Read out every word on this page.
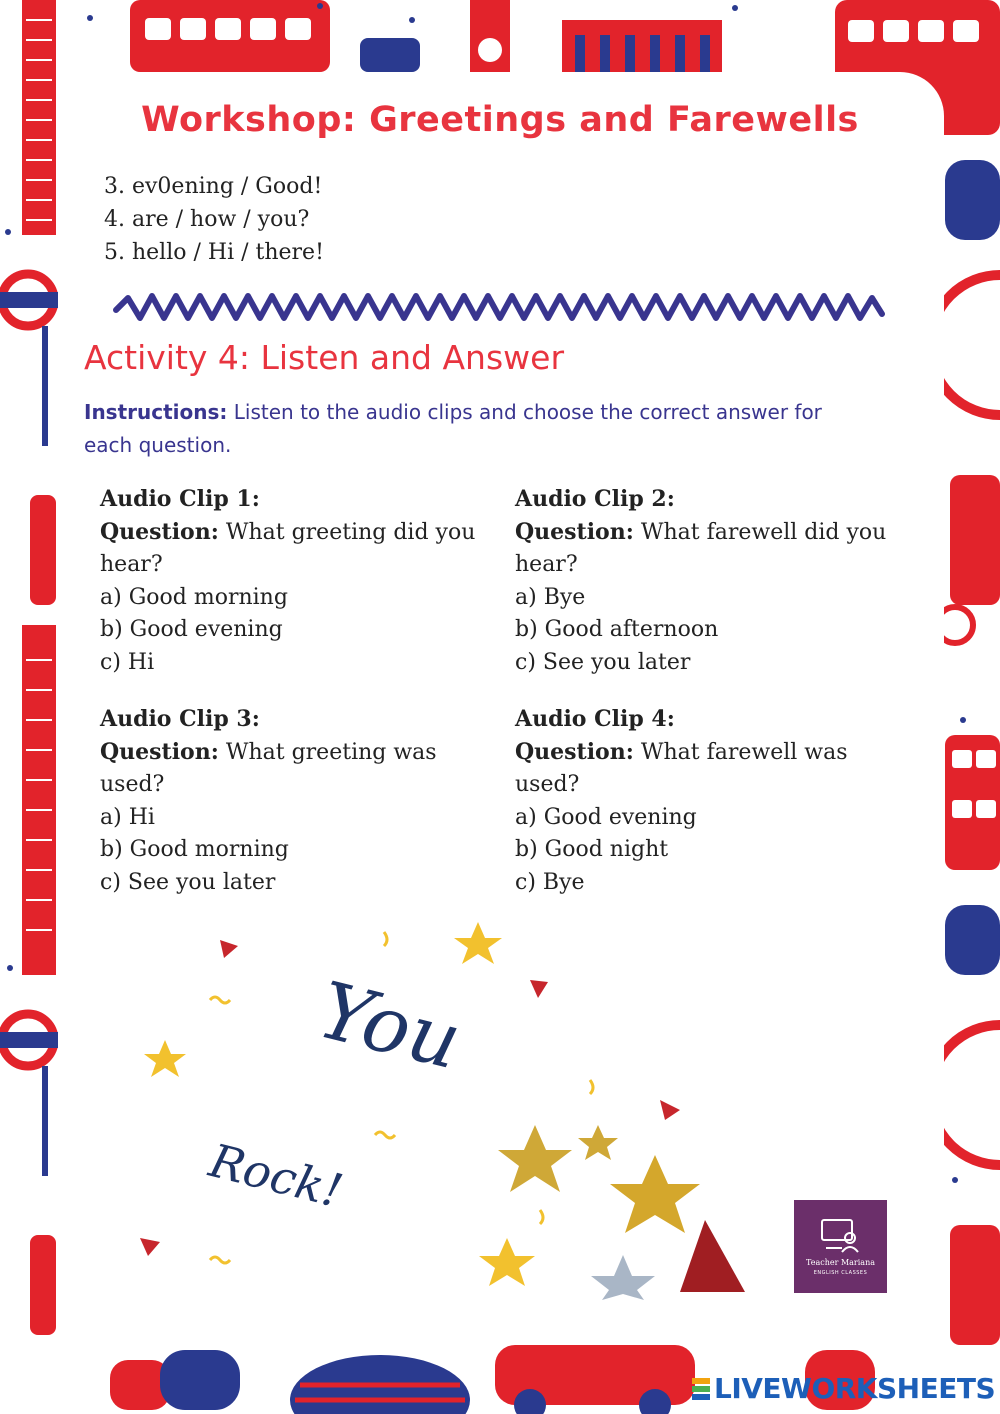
Workshop: Greetings and Farewells
3. ev0ening / Good!
4. are / how / you?
5. hello / Hi / there!
Activity 4: Listen and Answer

Instructions: Listen to the audio clips and choose the correct answer for each question.

Audio Clip 1:
Question: What greeting did you hear?
a) Good morning
b) Good evening
c) Hi
Audio Clip 2:
Question: What farewell did you hear?
a) Bye
b) Good afternoon
c) See you later
Audio Clip 3:
Question: What greeting was used?
a) Hi
b) Good morning
c) See you later
Audio Clip 4:
Question: What farewell was used?
a) Good evening
b) Good night
c) Bye
You
Rock!
Teacher Mariana
ENGLISH CLASSES
LIVEWORKSHEETS
